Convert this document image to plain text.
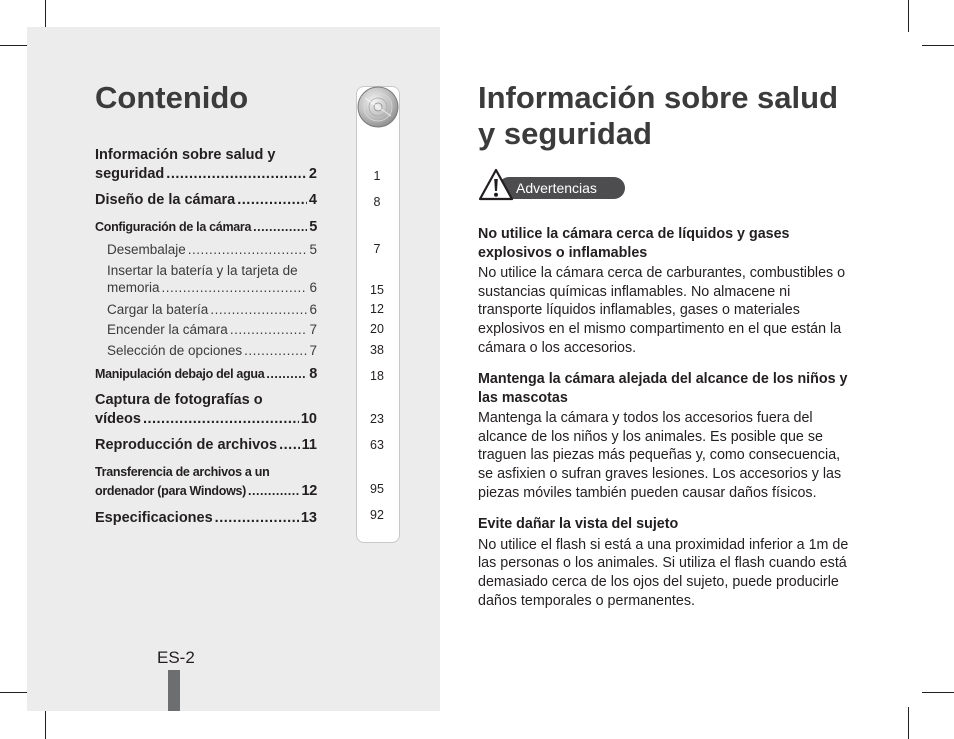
Contenido
Información sobre salud y
seguridad .....	2
Diseño de la cámara .....	4
Configuración de la cámara .....	5
Desembalaje .....	5
Insertar la batería y la tarjeta de
memoria .....	6
Cargar la batería .....	6
Encender la cámara .....	7
Selección de opciones .....	7
Manipulación debajo del agua .....	8
Captura de fotografías o
vídeos .....	10
Reproducción de archivos ..... 11
Transferencia de archivos a un
ordenador (para Windows) .....	12
Especificaciones .....	13
1
8
7
15
12
20
38
18
23
63
95
92
ES-2
Información sobre salud
y seguridad
Advertencias
No utilice la cámara cerca de líquidos y gases explosivos o inflamables
No utilice la cámara cerca de carburantes, combustibles o sustancias químicas inflamables. No almacene ni transporte líquidos inflamables, gases o materiales explosivos en el mismo compartimento en el que están la cámara o los accesorios.
Mantenga la cámara alejada del alcance de los niños y las mascotas
Mantenga la cámara y todos los accesorios fuera del alcance de los niños y los animales. Es posible que se traguen las piezas más pequeñas y, como consecuencia, se asfixien o sufran graves lesiones. Los accesorios y las piezas móviles también pueden causar daños físicos.
Evite dañar la vista del sujeto
No utilice el flash si está a una proximidad inferior a 1m de las personas o los animales. Si utiliza el flash cuando está demasiado cerca de los ojos del sujeto, puede producirle daños temporales o permanentes.
